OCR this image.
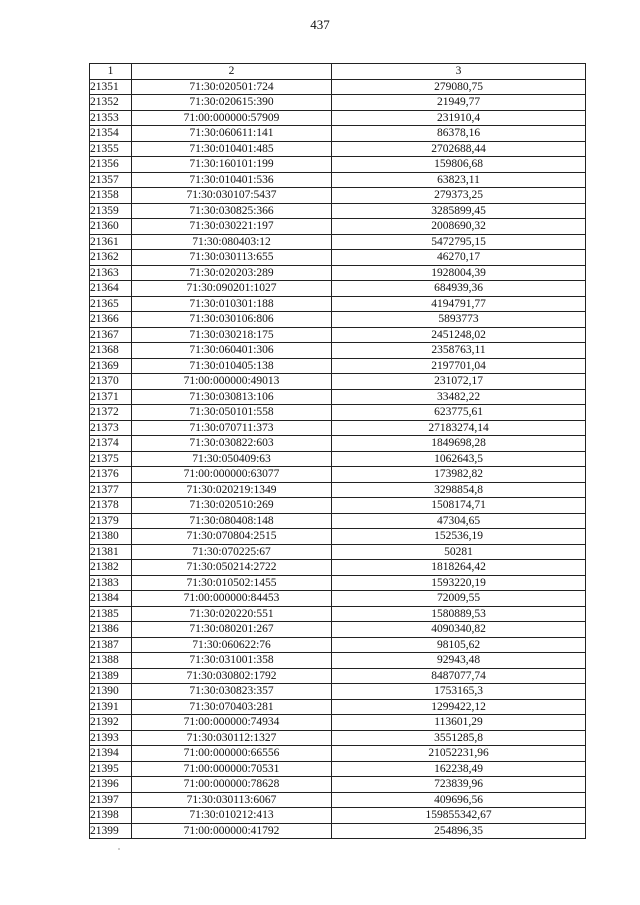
437
1	2	3
21351	71:30:020501:724	279080,75
21352	71:30:020615:390	21949,77
21353	71:00:000000:57909	231910,4
21354	71:30:060611:141	86378,16
21355	71:30:010401:485	2702688,44
21356	71:30:160101:199	159806,68
21357	71:30:010401:536	63823,11
21358	71:30:030107:5437	279373,25
21359	71:30:030825:366	3285899,45
21360	71:30:030221:197	2008690,32
21361	71:30:080403:12	5472795,15
21362	71:30:030113:655	46270,17
21363	71:30:020203:289	1928004,39
21364	71:30:090201:1027	684939,36
21365	71:30:010301:188	4194791,77
21366	71:30:030106:806	5893773
21367	71:30:030218:175	2451248,02
21368	71:30:060401:306	2358763,11
21369	71:30:010405:138	2197701,04
21370	71:00:000000:49013	231072,17
21371	71:30:030813:106	33482,22
21372	71:30:050101:558	623775,61
21373	71:30:070711:373	27183274,14
21374	71:30:030822:603	1849698,28
21375	71:30:050409:63	1062643,5
21376	71:00:000000:63077	173982,82
21377	71:30:020219:1349	3298854,8
21378	71:30:020510:269	1508174,71
21379	71:30:080408:148	47304,65
21380	71:30:070804:2515	152536,19
21381	71:30:070225:67	50281
21382	71:30:050214:2722	1818264,42
21383	71:30:010502:1455	1593220,19
21384	71:00:000000:84453	72009,55
21385	71:30:020220:551	1580889,53
21386	71:30:080201:267	4090340,82
21387	71:30:060622:76	98105,62
21388	71:30:031001:358	92943,48
21389	71:30:030802:1792	8487077,74
21390	71:30:030823:357	1753165,3
21391	71:30:070403:281	1299422,12
21392	71:00:000000:74934	113601,29
21393	71:30:030112:1327	3551285,8
21394	71:00:000000:66556	21052231,96
21395	71:00:000000:70531	162238,49
21396	71:00:000000:78628	723839,96
21397	71:30:030113:6067	409696,56
21398	71:30:010212:413	159855342,67
21399	71:00:000000:41792	254896,35
